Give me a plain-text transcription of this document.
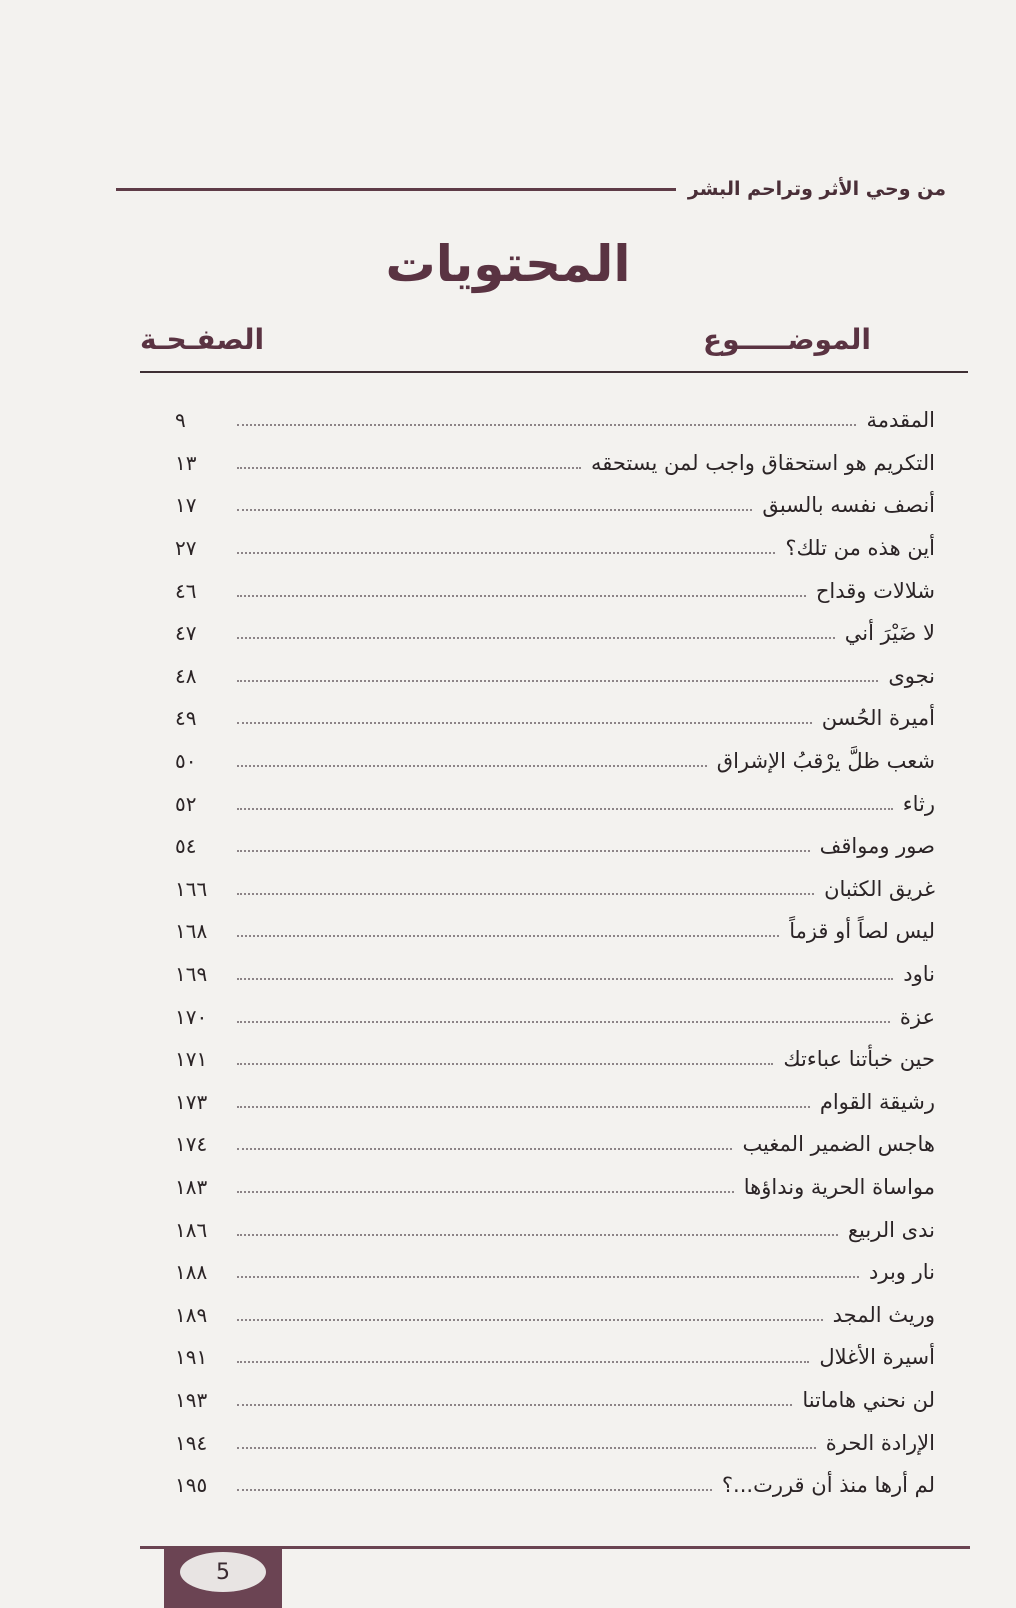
من وحي الأثر وتراحم البشر
المحتويات
الموضـــــوع
الصفـحـة
المقدمة
٩
التكريم هو استحقاق واجب لمن يستحقه
١٣
أنصف نفسه بالسبق
١٧
أين هذه من تلك؟
٢٧
شلالات وقداح
٤٦
لا ضَيْرَ أني
٤٧
نجوى
٤٨
أميرة الحُسن
٤٩
شعب ظلَّ يرْقبُ الإشراق
٥٠
رثاء
٥٢
صور ومواقف
٥٤
غريق الكثبان
١٦٦
ليس لصاً أو قزماً
١٦٨
ناود
١٦٩
عزة
١٧٠
حين خبأتنا عباءتك
١٧١
رشيقة القوام
١٧٣
هاجس الضمير المغيب
١٧٤
مواساة الحرية ونداؤها
١٨٣
ندى الربيع
١٨٦
نار وبرد
١٨٨
وريث المجد
١٨٩
أسيرة الأغلال
١٩١
لن نحني هاماتنا
١٩٣
الإرادة الحرة
١٩٤
لم أرها منذ أن قررت...؟
١٩٥
5
